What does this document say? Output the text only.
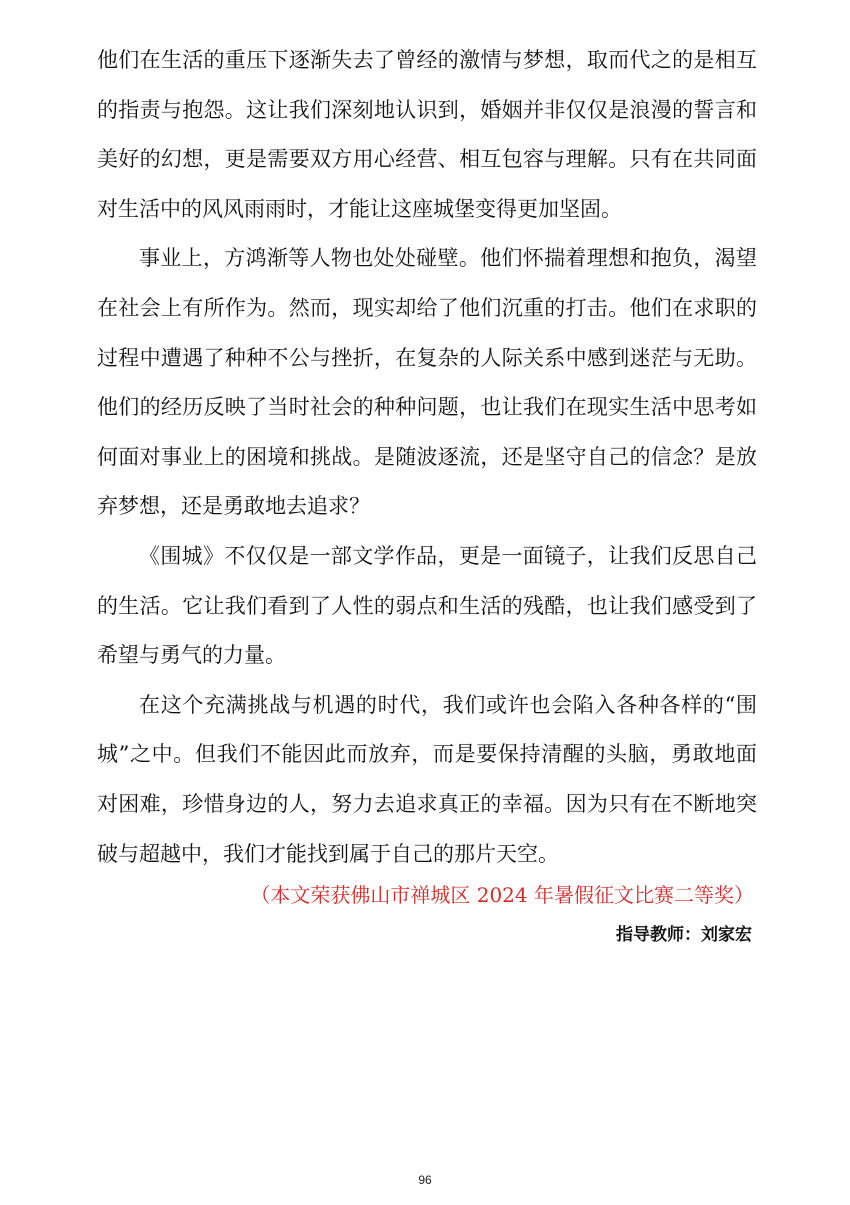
他们在生活的重压下逐渐失去了曾经的激情与梦想，取而代之的是相互的指责与抱怨。这让我们深刻地认识到，婚姻并非仅仅是浪漫的誓言和美好的幻想，更是需要双方用心经营、相互包容与理解。只有在共同面对生活中的风风雨雨时，才能让这座城堡变得更加坚固。

事业上，方鸿渐等人物也处处碰壁。他们怀揣着理想和抱负，渴望在社会上有所作为。然而，现实却给了他们沉重的打击。他们在求职的过程中遭遇了种种不公与挫折，在复杂的人际关系中感到迷茫与无助。他们的经历反映了当时社会的种种问题，也让我们在现实生活中思考如何面对事业上的困境和挑战。是随波逐流，还是坚守自己的信念？是放弃梦想，还是勇敢地去追求？

《围城》不仅仅是一部文学作品，更是一面镜子，让我们反思自己的生活。它让我们看到了人性的弱点和生活的残酷，也让我们感受到了希望与勇气的力量。

在这个充满挑战与机遇的时代，我们或许也会陷入各种各样的“围城”之中。但我们不能因此而放弃，而是要保持清醒的头脑，勇敢地面对困难，珍惜身边的人，努力去追求真正的幸福。因为只有在不断地突破与超越中，我们才能找到属于自己的那片天空。

（本文荣获佛山市禅城区 2024 年暑假征文比赛二等奖）
指导教师：刘家宏
96
